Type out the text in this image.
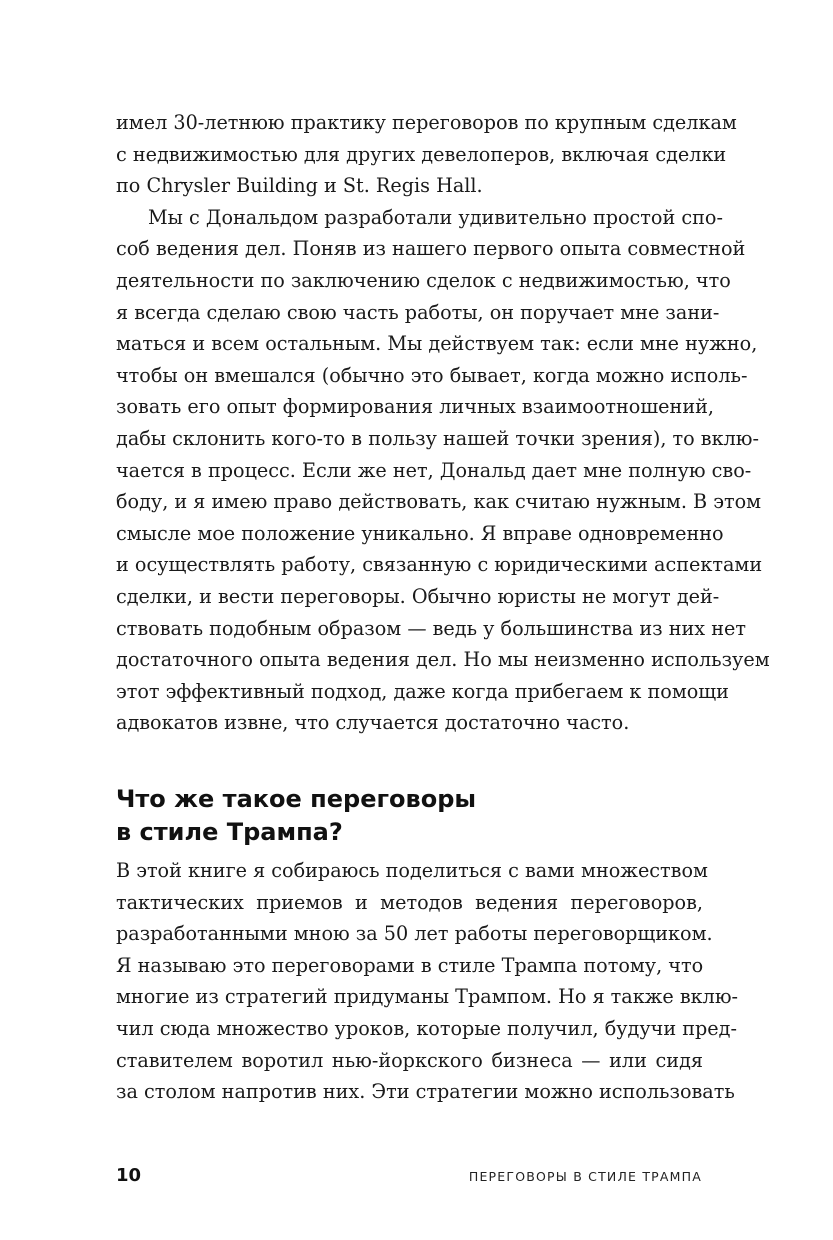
имел 30-летнюю практику переговоров по крупным сделкам
с недвижимостью для других девелоперов, включая сделки
по Chrysler Building и St. Regis Hall.
Мы с Дональдом разработали удивительно простой спо-
соб ведения дел. Поняв из нашего первого опыта совместной
деятельности по заключению сделок с недвижимостью, что
я всегда сделаю свою часть работы, он поручает мне зани-
маться и всем остальным. Мы действуем так: если мне нужно,
чтобы он вмешался (обычно это бывает, когда можно исполь-
зовать его опыт формирования личных взаимоотношений,
дабы склонить кого-то в пользу нашей точки зрения), то вклю-
чается в процесс. Если же нет, Дональд дает мне полную сво-
боду, и я имею право действовать, как считаю нужным. В этом
смысле мое положение уникально. Я вправе одновременно
и осуществлять работу, связанную с юридическими аспектами
сделки, и вести переговоры. Обычно юристы не могут дей-
ствовать подобным образом — ведь у большинства из них нет
достаточного опыта ведения дел. Но мы неизменно используем
этот эффективный подход, даже когда прибегаем к помощи
адвокатов извне, что случается достаточно часто.
Что же такое переговоры
в стиле Трампа?
В этой книге я собираюсь поделиться с вами множеством
тактических приемов и методов ведения переговоров,
разработанными мною за 50 лет работы переговорщиком.
Я называю это переговорами в стиле Трампа потому, что
многие из стратегий придуманы Трампом. Но я также вклю-
чил сюда множество уроков, которые получил, будучи пред-
ставителем воротил нью-йоркского бизнеса — или сидя
за столом напротив них. Эти стратегии можно использовать
10	ПЕРЕГОВОРЫ В СТИЛЕ ТРАМПА
